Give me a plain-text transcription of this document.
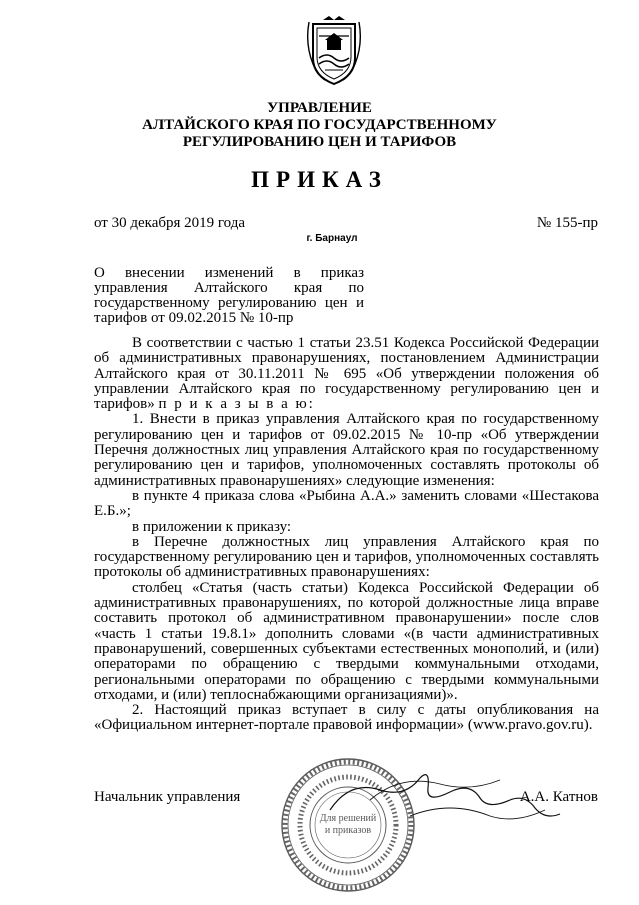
УПРАВЛЕНИЕ
АЛТАЙСКОГО КРАЯ ПО ГОСУДАРСТВЕННОМУ
РЕГУЛИРОВАНИЮ ЦЕН И ТАРИФОВ
ПРИКАЗ
от 30 декабря 2019 года	№ 155-пр
г. Барнаул
О внесении изменений в приказ управления Алтайского края по государственному регулированию цен и тарифов от 09.02.2015 № 10-пр

В соответствии с частью 1 статьи 23.51 Кодекса Российской Федерации об административных правонарушениях, постановлением Администрации Алтайского края от 30.11.2011 № 695 «Об утверждении положения об управлении Алтайского края по государственному регулированию цен и тарифов» п р и к а з ы в а ю:

1. Внести в приказ управления Алтайского края по государственному регулированию цен и тарифов от 09.02.2015 № 10-пр «Об утверждении Перечня должностных лиц управления Алтайского края по государственному регулированию цен и тарифов, уполномоченных составлять протоколы об административных правонарушениях» следующие изменения:

в пункте 4 приказа слова «Рыбина А.А.» заменить словами «Шестакова Е.Б.»;

в приложении к приказу:

в Перечне должностных лиц управления Алтайского края по государственному регулированию цен и тарифов, уполномоченных составлять протоколы об административных правонарушениях:

столбец «Статья (часть статьи) Кодекса Российской Федерации об административных правонарушениях, по которой должностные лица вправе составить протокол об административном правонарушении» после слов «часть 1 статьи 19.8.1» дополнить словами «(в части административных правонарушений, совершенных субъектами естественных монополий, и (или) операторами по обращению с твердыми коммунальными отходами, региональными операторами по обращению с твердыми коммунальными отходами, и (или) теплоснабжающими организациями)».

2. Настоящий приказ вступает в силу с даты опубликования на «Официальном интернет-портале правовой информации» (www.pravo.gov.ru).

Для решений
и приказов
Начальник управления	А.А. Катнов
